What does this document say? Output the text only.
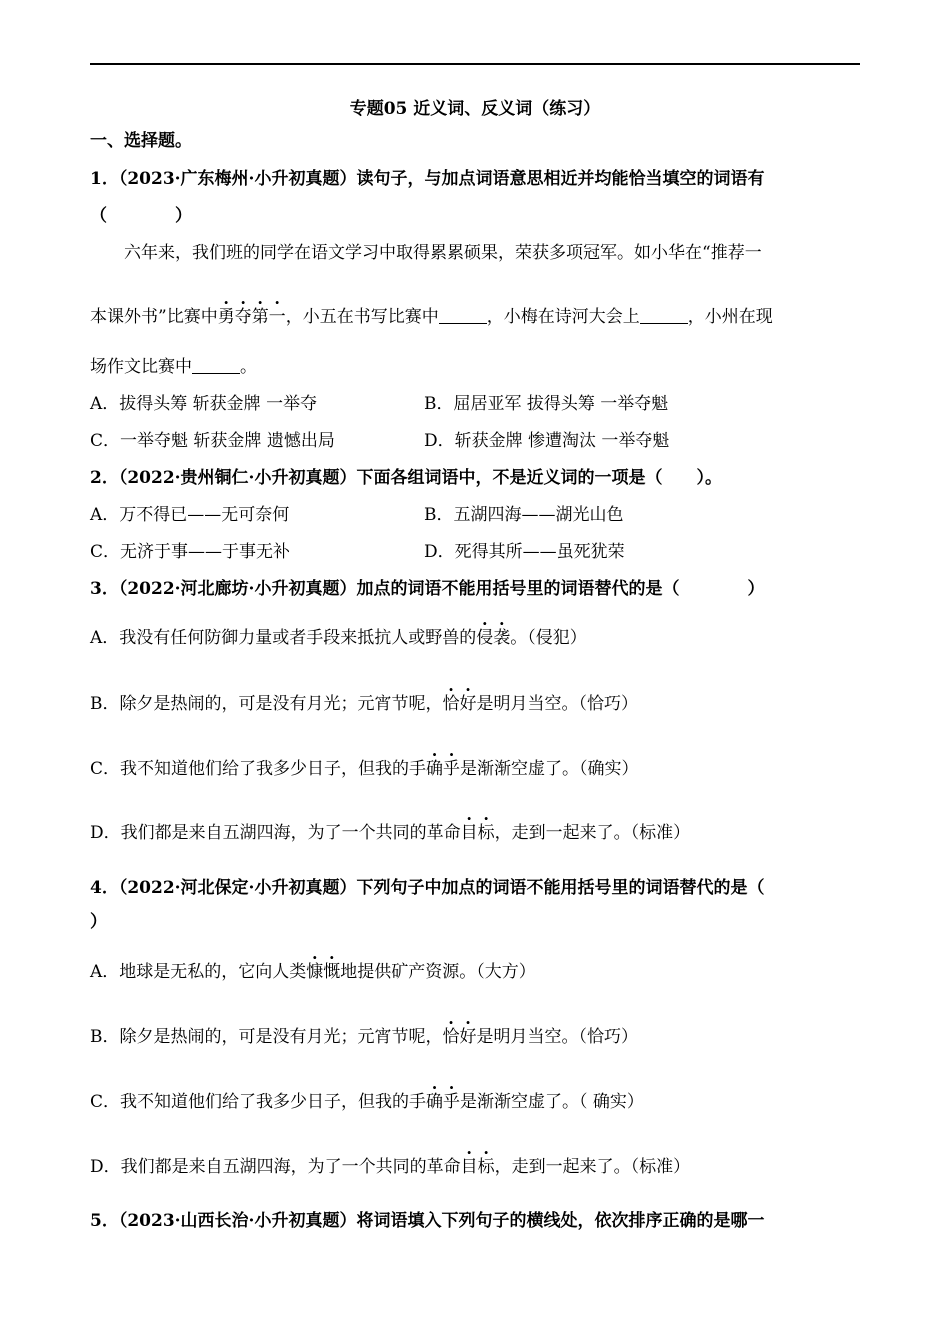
专题05 近义词、反义词（练习）
一、选择题。
1．（2023·广东梅州·小升初真题）读句子，与加点词语意思相近并均能恰当填空的词语有
（　　　　）
六年来，我们班的同学在语文学习中取得累累硕果，荣获多项冠军。如小华在“推荐一
本课外书”比赛中勇夺第一，小五在书写比赛中	，小梅在诗河大会上	，小州在现
场作文比赛中	。
A．拔得头筹 斩获金牌 一举夺	B．屈居亚军 拔得头筹 一举夺魁
C．一举夺魁 斩获金牌 遗憾出局	D．斩获金牌 惨遭淘汰 一举夺魁
2．（2022·贵州铜仁·小升初真题）下面各组词语中，不是近义词的一项是（　　）。
A．万不得已——无可奈何	B．五湖四海——湖光山色
C．无济于事——于事无补	D．死得其所——虽死犹荣
3．（2022·河北廊坊·小升初真题）加点的词语不能用括号里的词语替代的是（　　　　）
A．我没有任何防御力量或者手段来抵抗人或野兽的侵袭。（侵犯）
B．除夕是热闹的，可是没有月光；元宵节呢，恰好是明月当空。（恰巧）
C．我不知道他们给了我多少日子，但我的手确乎是渐渐空虚了。（确实）
D．我们都是来自五湖四海，为了一个共同的革命目标，走到一起来了。（标准）
4．（2022·河北保定·小升初真题）下列句子中加点的词语不能用括号里的词语替代的是（
）
A．地球是无私的，它向人类慷慨地提供矿产资源。（大方）
B．除夕是热闹的，可是没有月光；元宵节呢，恰好是明月当空。（恰巧）
C．我不知道他们给了我多少日子，但我的手确乎是渐渐空虚了。（ 确实）
D．我们都是来自五湖四海，为了一个共同的革命目标，走到一起来了。（标准）
5．（2023·山西长治·小升初真题）将词语填入下列句子的横线处，依次排序正确的是哪一
